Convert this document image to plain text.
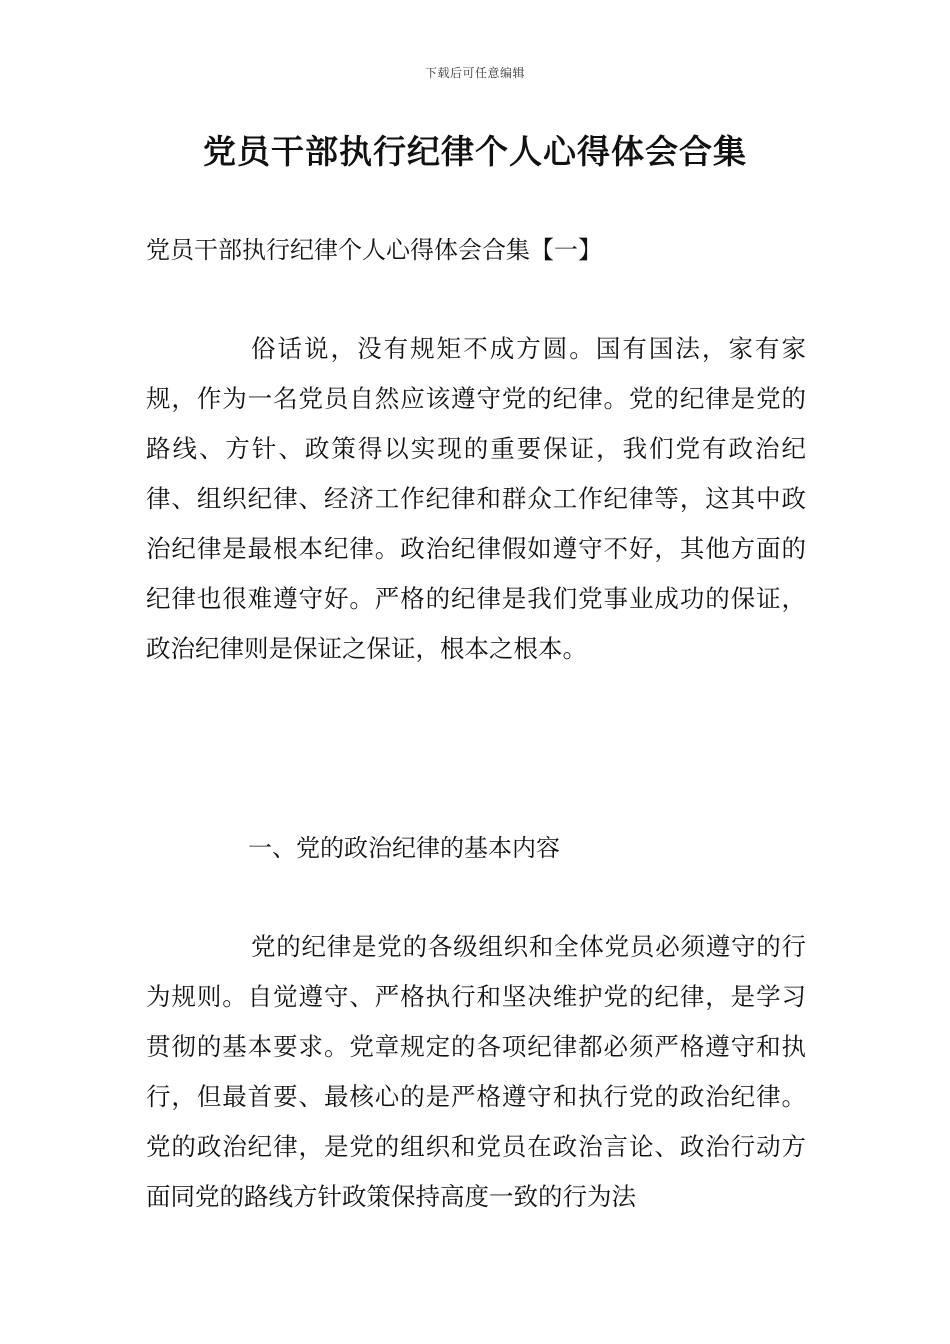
下载后可任意编辑
党员干部执行纪律个人心得体会合集
党员干部执行纪律个人心得体会合集【一】

俗话说，没有规矩不成方圆。国有国法，家有家规，作为一名党员自然应该遵守党的纪律。党的纪律是党的路线、方针、政策得以实现的重要保证，我们党有政治纪律、组织纪律、经济工作纪律和群众工作纪律等，这其中政治纪律是最根本纪律。政治纪律假如遵守不好，其他方面的纪律也很难遵守好。严格的纪律是我们党事业成功的保证，政治纪律则是保证之保证，根本之根本。

一、党的政治纪律的基本内容

党的纪律是党的各级组织和全体党员必须遵守的行为规则。自觉遵守、严格执行和坚决维护党的纪律，是学习贯彻的基本要求。党章规定的各项纪律都必须严格遵守和执行，但最首要、最核心的是严格遵守和执行党的政治纪律。党的政治纪律，是党的组织和党员在政治言论、政治行动方面同党的路线方针政策保持高度一致的行为法
